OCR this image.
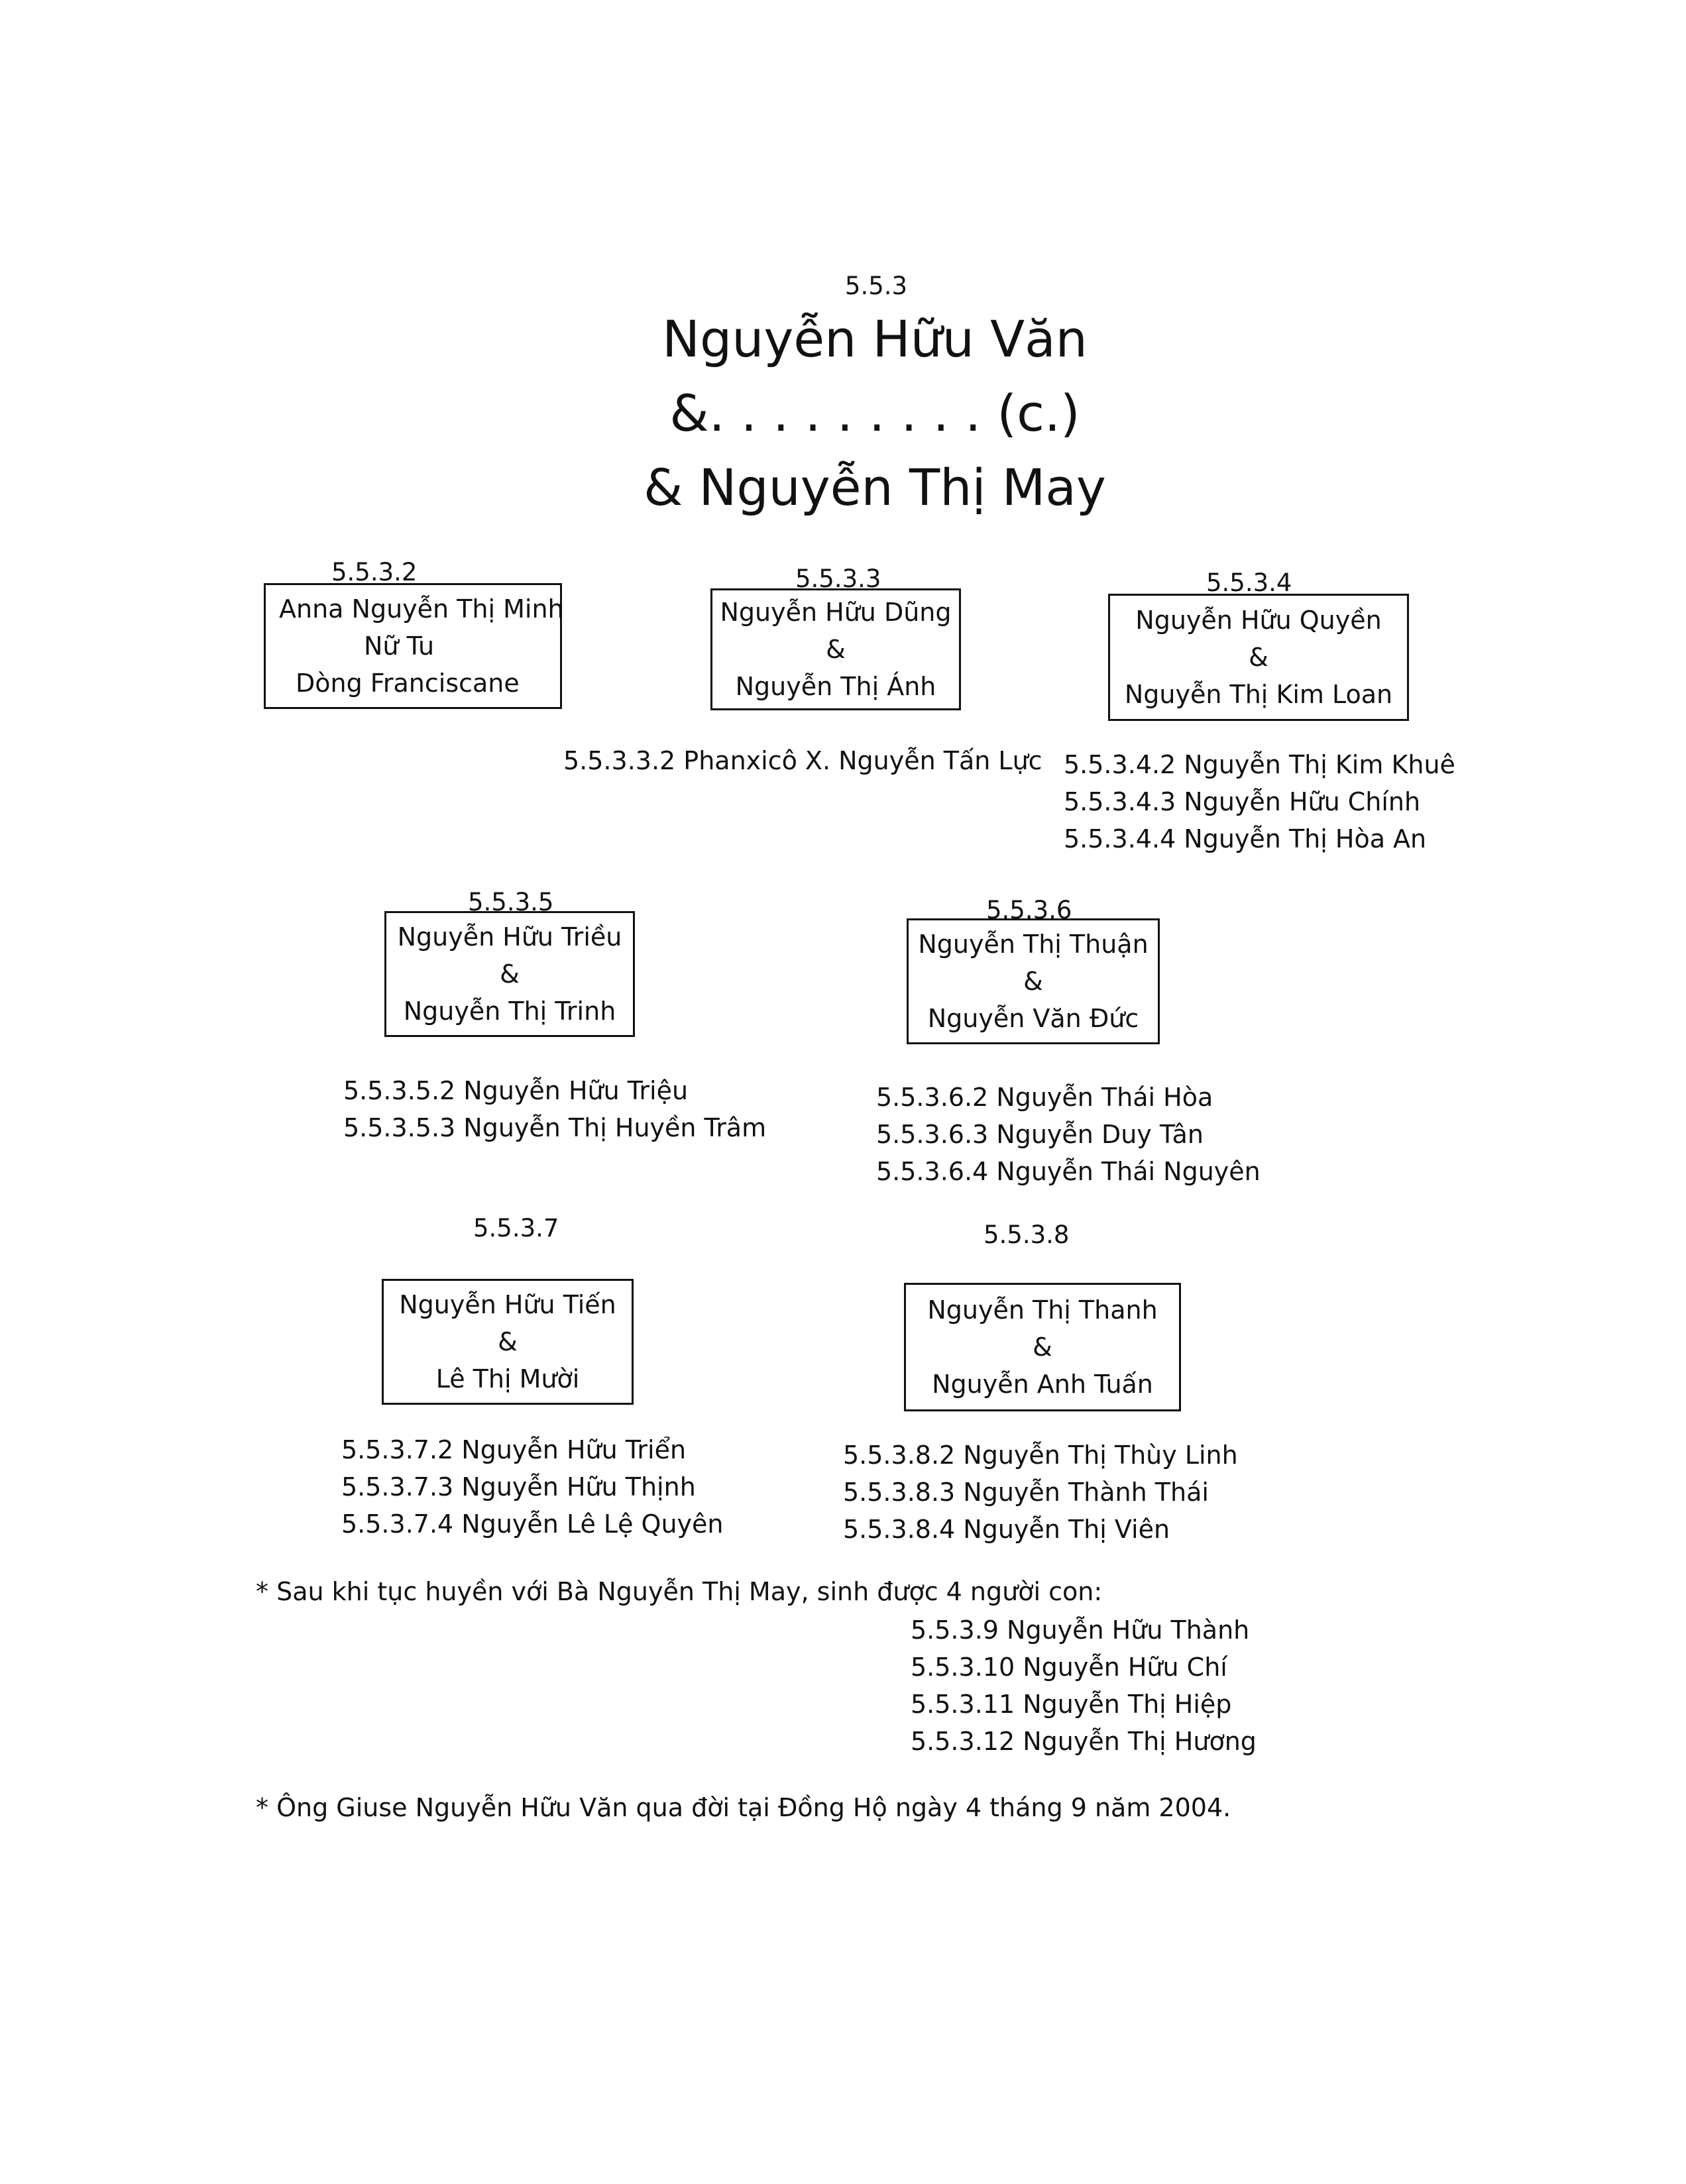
5.5.3
Nguyễn Hữu Văn
&. . . . . . . . . (c.)
& Nguyễn Thị May
5.5.3.2
Anna Nguyễn Thị Minh
Nữ Tu
Dòng Franciscane
5.5.3.3
Nguyễn Hữu Dũng
&
Nguyễn Thị Ánh
5.5.3.3.2 Phanxicô X. Nguyễn Tấn Lực
5.5.3.4
Nguyễn Hữu Quyền
&
Nguyễn Thị Kim Loan
5.5.3.4.2 Nguyễn Thị Kim Khuê
5.5.3.4.3 Nguyễn Hữu Chính
5.5.3.4.4 Nguyễn Thị Hòa An
5.5.3.5
Nguyễn Hữu Triều
&
Nguyễn Thị Trinh
5.5.3.5.2 Nguyễn Hữu Triệu
5.5.3.5.3 Nguyễn Thị Huyền Trâm
5.5.3.6
Nguyễn Thị Thuận
&
Nguyễn Văn Đức
5.5.3.6.2 Nguyễn Thái Hòa
5.5.3.6.3 Nguyễn Duy Tân
5.5.3.6.4 Nguyễn Thái Nguyên
5.5.3.7
Nguyễn Hữu Tiến
&
Lê Thị Mười
5.5.3.7.2 Nguyễn Hữu Triển
5.5.3.7.3 Nguyễn Hữu Thịnh
5.5.3.7.4 Nguyễn Lê Lệ Quyên
5.5.3.8
Nguyễn Thị Thanh
&
Nguyễn Anh Tuấn
5.5.3.8.2 Nguyễn Thị Thùy Linh
5.5.3.8.3 Nguyễn Thành Thái
5.5.3.8.4 Nguyễn Thị Viên
* Sau khi tục huyền với Bà Nguyễn Thị May, sinh được 4 người con:
5.5.3.9 Nguyễn Hữu Thành
5.5.3.10 Nguyễn Hữu Chí
5.5.3.11 Nguyễn Thị Hiệp
5.5.3.12 Nguyễn Thị Hương
* Ông Giuse Nguyễn Hữu Văn qua đời tại Đồng Hộ ngày 4 tháng 9 năm 2004.
